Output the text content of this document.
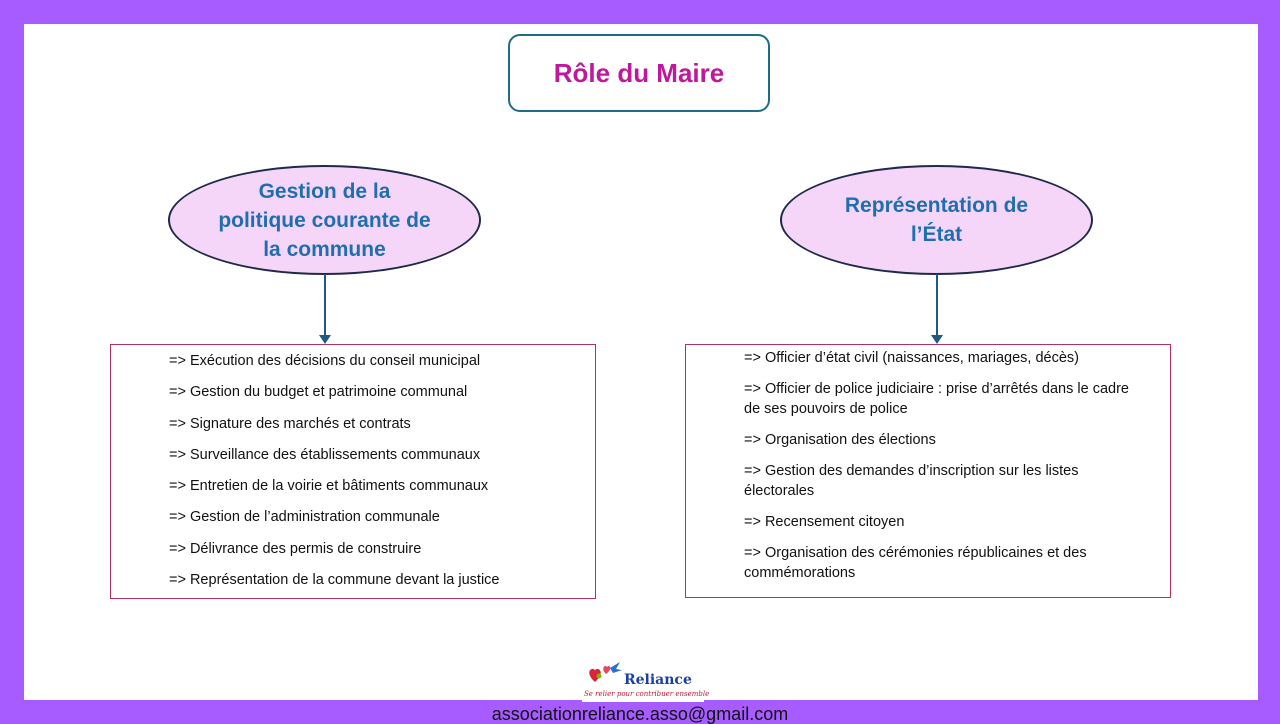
Rôle du Maire
Gestion de la politique courante de la commune
Représentation de l’État
=> Exécution des décisions du conseil municipal
=> Gestion du budget et patrimoine communal
=> Signature des marchés et contrats
=> Surveillance des établissements communaux
=> Entretien de la voirie et bâtiments communaux
=> Gestion de l’administration communale
=> Délivrance des permis de construire
=> Représentation de la commune devant la justice
=> Officier d’état civil (naissances, mariages, décès)
=> Officier de police judiciaire : prise d’arrêtés dans le cadre de ses pouvoirs de police
=> Organisation des élections
=> Gestion des demandes d’inscription sur les listes électorales
=> Recensement citoyen
=> Organisation des cérémonies républicaines et des commémorations
Reliance
Se relier pour contribuer ensemble
associationreliance.asso@gmail.com
